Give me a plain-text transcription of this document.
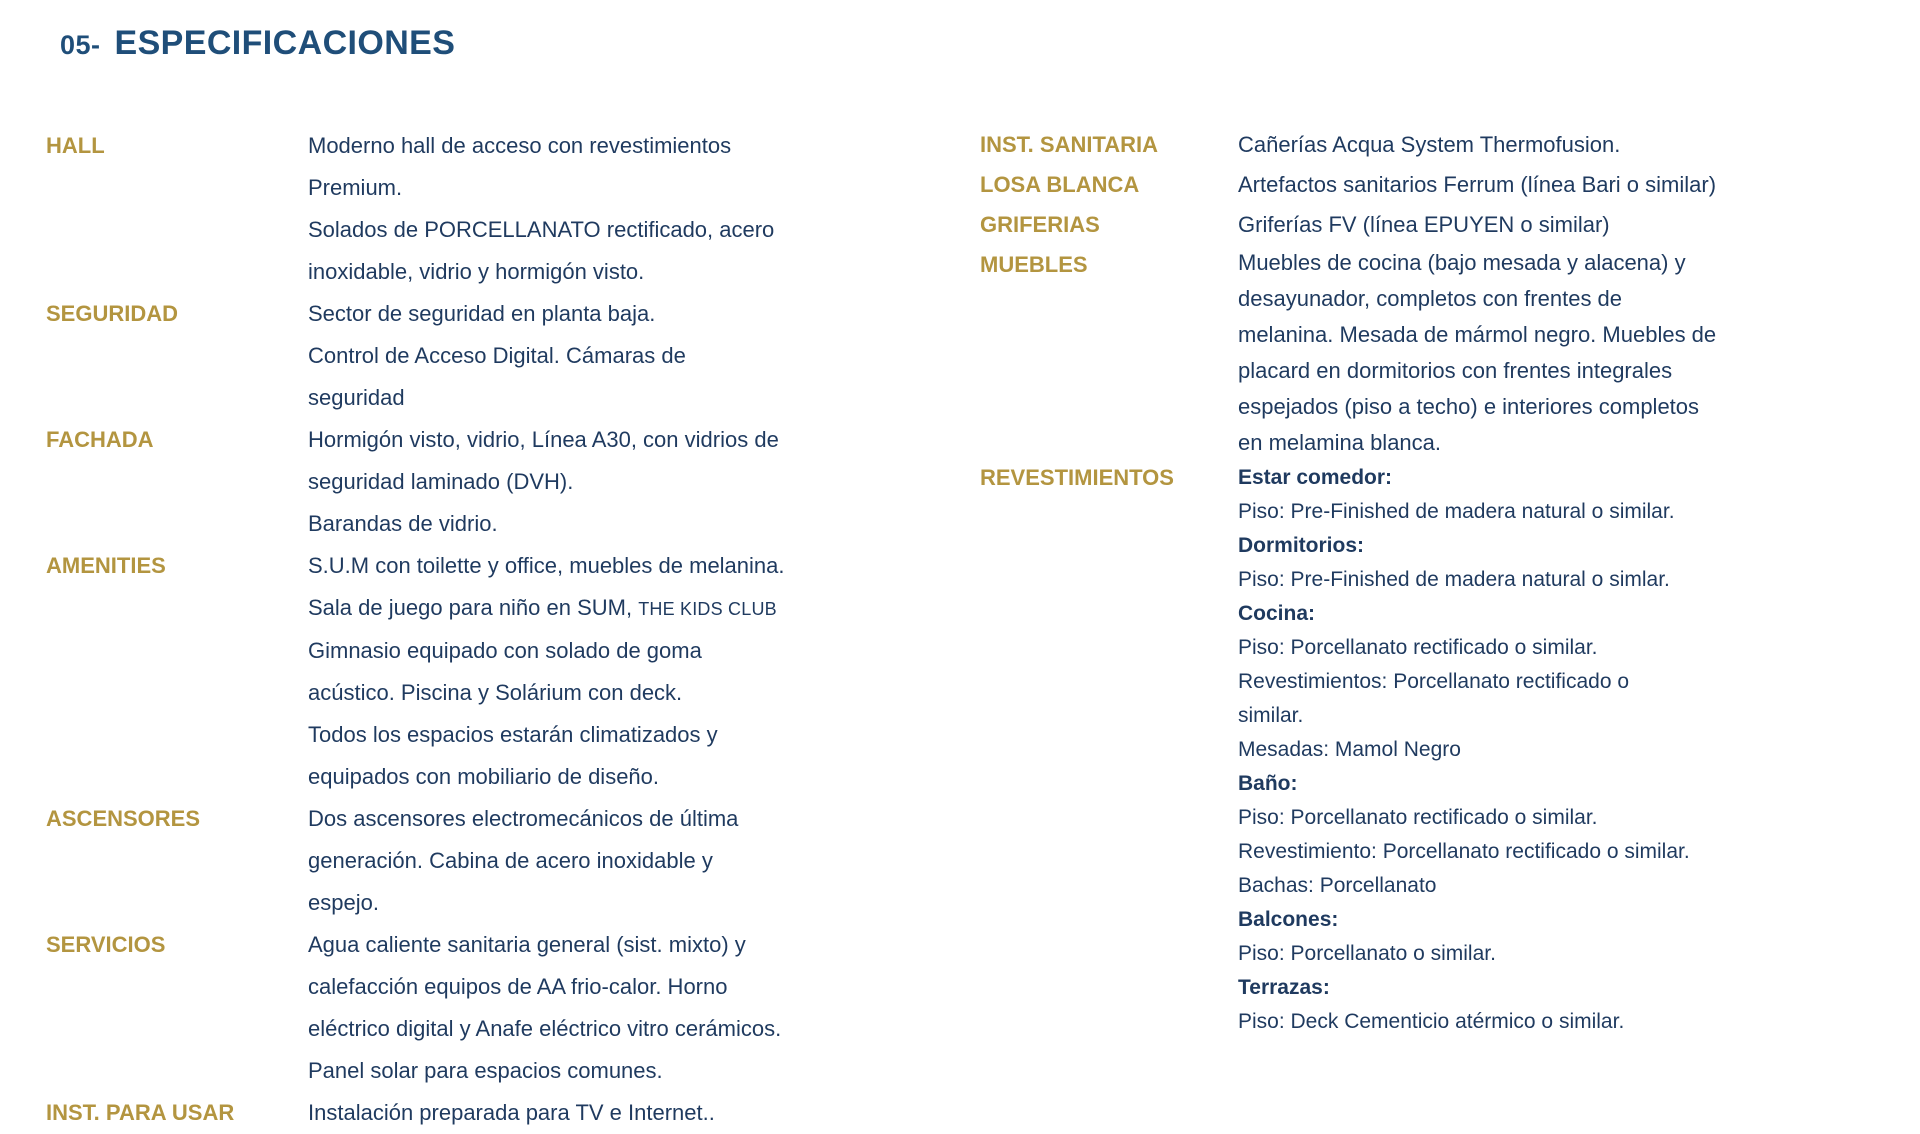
05- ESPECIFICACIONES
HALL	Moderno hall de acceso con revestimientos
Premium.
Solados de PORCELLANATO rectificado, acero
inoxidable, vidrio y hormigón visto.
SEGURIDAD	Sector de seguridad en planta baja.
Control de Acceso Digital. Cámaras de
seguridad
FACHADA	Hormigón visto, vidrio, Línea A30, con vidrios de
seguridad laminado (DVH).
Barandas de vidrio.
AMENITIES	S.U.M con toilette y office, muebles de melanina.
Sala de juego para niño en SUM, THE KIDS CLUB
Gimnasio equipado con solado de goma
acústico. Piscina y Solárium con deck.
Todos los espacios estarán climatizados y
equipados con mobiliario de diseño.
ASCENSORES	Dos ascensores electromecánicos de última
generación. Cabina de acero inoxidable y
espejo.
SERVICIOS	Agua caliente sanitaria general (sist. mixto) y
calefacción equipos de AA frio-calor. Horno
eléctrico digital y Anafe eléctrico vitro cerámicos.
Panel solar para espacios comunes.
INST. PARA USAR	Instalación preparada para TV e Internet..
INST. SANITARIA	Cañerías Acqua System Thermofusion.
LOSA BLANCA	Artefactos sanitarios Ferrum (línea Bari o similar)
GRIFERIAS	Griferías FV (línea EPUYEN o similar)
MUEBLES	Muebles de cocina (bajo mesada y alacena) y
desayunador, completos con frentes de
melanina. Mesada de mármol negro. Muebles de
placard en dormitorios con frentes integrales
espejados (piso a techo) e interiores completos
en melamina blanca.
REVESTIMIENTOS	Estar comedor:
Piso: Pre-Finished de madera natural o similar.
Dormitorios:
Piso: Pre-Finished de madera natural o simlar.
Cocina:
Piso: Porcellanato rectificado o similar.
Revestimientos: Porcellanato rectificado o
similar.
Mesadas: Mamol Negro
Baño:
Piso: Porcellanato rectificado o similar.
Revestimiento: Porcellanato rectificado o similar.
Bachas: Porcellanato
Balcones:
Piso: Porcellanato o similar.
Terrazas:
Piso: Deck Cementicio atérmico o similar.
